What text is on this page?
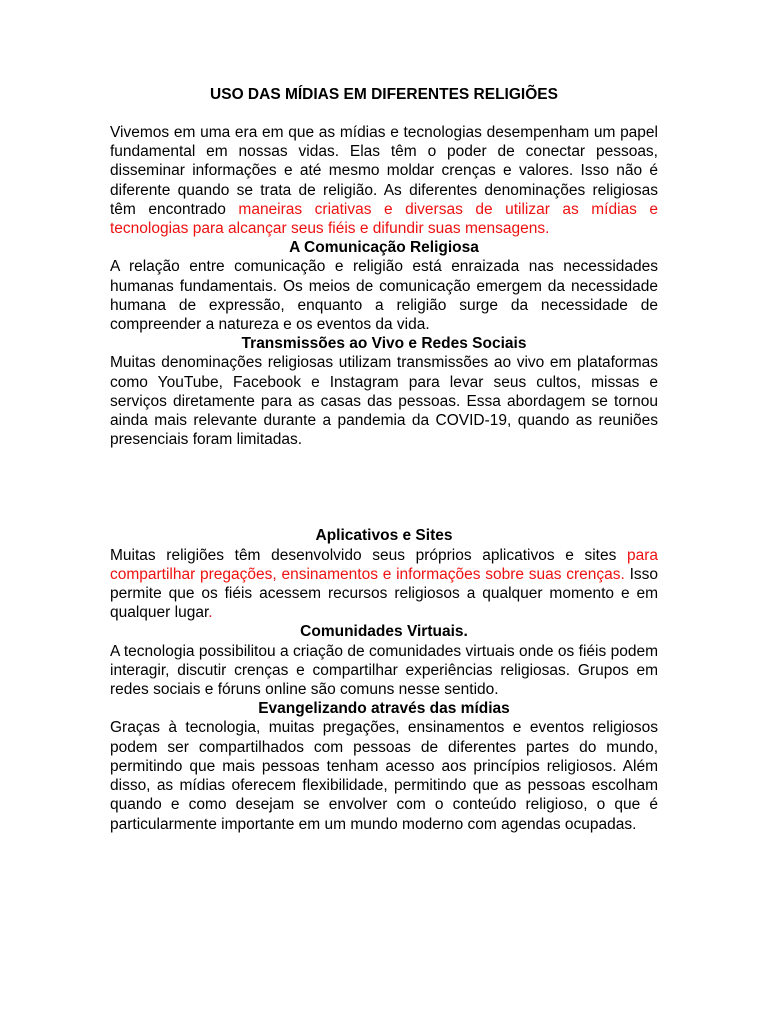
USO DAS MÍDIAS EM DIFERENTES RELIGIÕES

Vivemos em uma era em que as mídias e tecnologias desempenham um papel fundamental em nossas vidas. Elas têm o poder de conectar pessoas, disseminar informações e até mesmo moldar crenças e valores. Isso não é diferente quando se trata de religião. As diferentes denominações religiosas têm encontrado maneiras criativas e diversas de utilizar as mídias e tecnologias para alcançar seus fiéis e difundir suas mensagens.

A Comunicação Religiosa

A relação entre comunicação e religião está enraizada nas necessidades humanas fundamentais. Os meios de comunicação emergem da necessidade humana de expressão, enquanto a religião surge da necessidade de compreender a natureza e os eventos da vida.

Transmissões ao Vivo e Redes Sociais

Muitas denominações religiosas utilizam transmissões ao vivo em plataformas como YouTube, Facebook e Instagram para levar seus cultos, missas e serviços diretamente para as casas das pessoas. Essa abordagem se tornou ainda mais relevante durante a pandemia da COVID-19, quando as reuniões presenciais foram limitadas.

Aplicativos e Sites

Muitas religiões têm desenvolvido seus próprios aplicativos e sites para compartilhar pregações, ensinamentos e informações sobre suas crenças. Isso permite que os fiéis acessem recursos religiosos a qualquer momento e em qualquer lugar.

Comunidades Virtuais.

A tecnologia possibilitou a criação de comunidades virtuais onde os fiéis podem interagir, discutir crenças e compartilhar experiências religiosas. Grupos em redes sociais e fóruns online são comuns nesse sentido.

Evangelizando através das mídias

Graças à tecnologia, muitas pregações, ensinamentos e eventos religiosos podem ser compartilhados com pessoas de diferentes partes do mundo, permitindo que mais pessoas tenham acesso aos princípios religiosos. Além disso, as mídias oferecem flexibilidade, permitindo que as pessoas escolham quando e como desejam se envolver com o conteúdo religioso, o que é particularmente importante em um mundo moderno com agendas ocupadas.
